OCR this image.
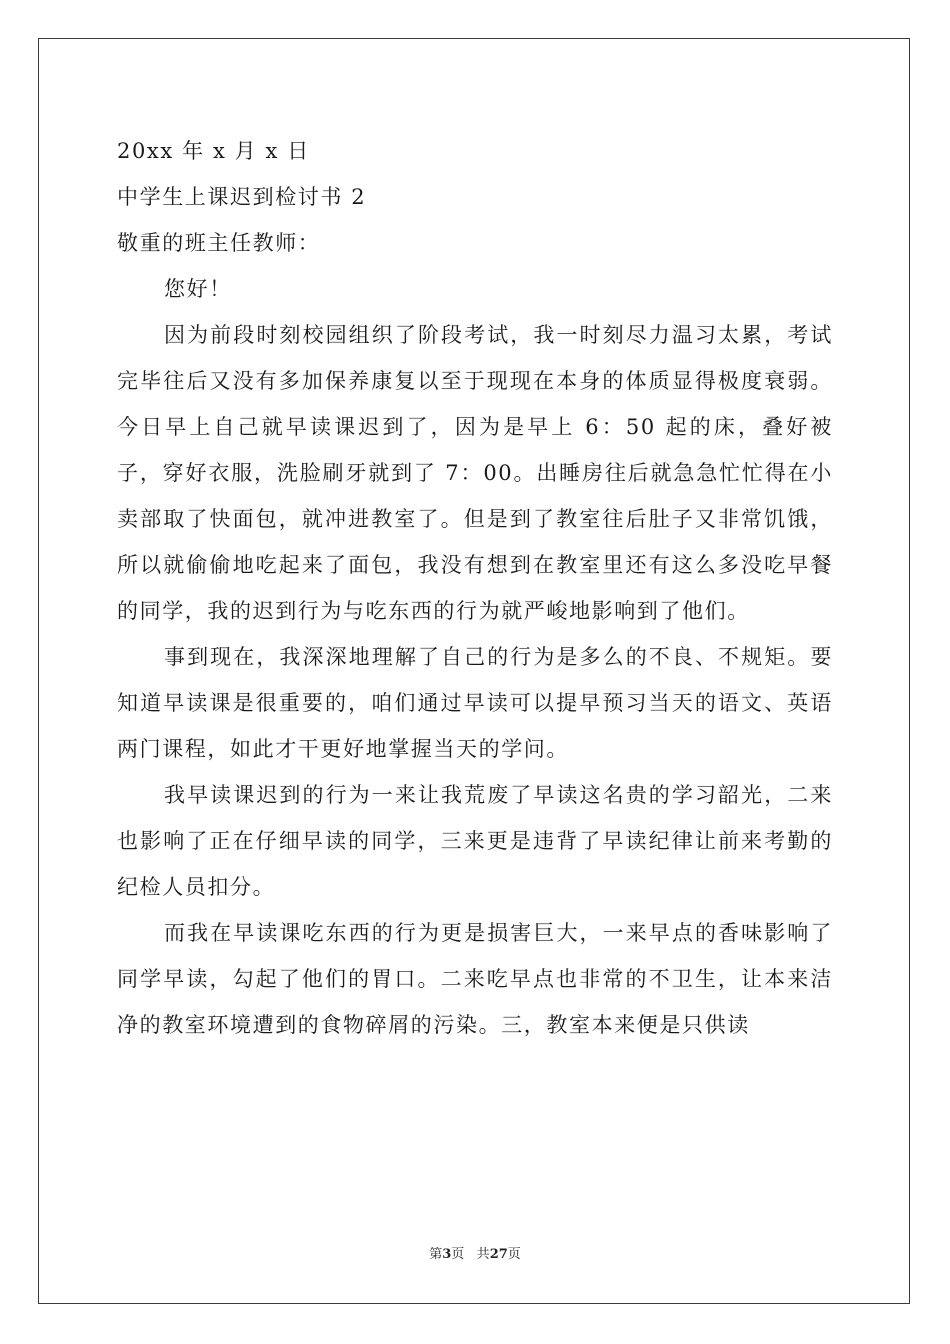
20xx 年 x 月 x 日
中学生上课迟到检讨书 2
敬重的班主任教师：
您好！

因为前段时刻校园组织了阶段考试，我一时刻尽力温习太累，考试完毕往后又没有多加保养康复以至于现现在本身的体质显得极度衰弱。今日早上自己就早读课迟到了，因为是早上 6：50 起的床，叠好被子，穿好衣服，洗脸刷牙就到了 7：00。出睡房往后就急急忙忙得在小卖部取了快面包，就冲进教室了。但是到了教室往后肚子又非常饥饿，所以就偷偷地吃起来了面包，我没有想到在教室里还有这么多没吃早餐的同学，我的迟到行为与吃东西的行为就严峻地影响到了他们。

事到现在，我深深地理解了自己的行为是多么的不良、不规矩。要知道早读课是很重要的，咱们通过早读可以提早预习当天的语文、英语两门课程，如此才干更好地掌握当天的学问。

我早读课迟到的行为一来让我荒废了早读这名贵的学习韶光，二来也影响了正在仔细早读的同学，三来更是违背了早读纪律让前来考勤的纪检人员扣分。

而我在早读课吃东西的行为更是损害巨大，一来早点的香味影响了同学早读，勾起了他们的胃口。二来吃早点也非常的不卫生，让本来洁净的教室环境遭到的食物碎屑的污染。三，教室本来便是只供读

第3页 共27页
